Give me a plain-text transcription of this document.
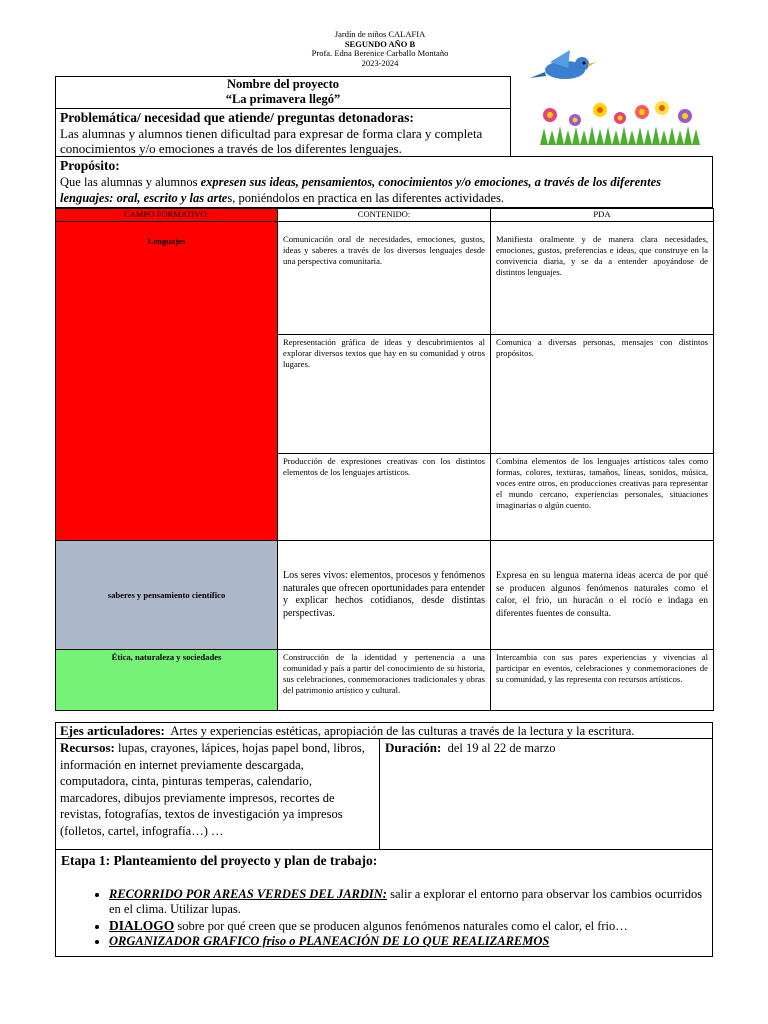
Jardín de niños CALAFIA
SEGUNDO AÑO B
Profa. Edna Berenice Carballo Montaño
2023-2024
Nombre del proyecto
“La primavera llegó”
Problemática/ necesidad que atiende/ preguntas detonadoras:
Las alumnas y alumnos tienen dificultad para expresar de forma clara y completa conocimientos y/o emociones a través de los diferentes lenguajes.
Propósito:
Que las alumnas y alumnos expresen sus ideas, pensamientos, conocimientos y/o emociones, a través de los diferentes lenguajes: oral, escrito y las artes, poniéndolos en practica en las diferentes actividades.
CAMPO FORMATIVO:	CONTENIDO:	PDA

Lenguajes	Comunicación oral de necesidades, emociones, gustos, ideas y saberes a través de los diversos lenguajes desde una perspectiva comunitaria.	Manifiesta oralmente y de manera clara necesidades, emociones, gustos, preferencias e ideas, que construye en la convivencia diaria, y se da a entender apoyándose de distintos lenguajes.
	Representación gráfica de ideas y descubrimientos al explorar diversos textos que hay en su comunidad y otros lugares.	Comunica a diversas personas, mensajes con distintos propósitos.
	Producción de expresiones creativas con los distintos elementos de los lenguajes artísticos.	Combina elementos de los lenguajes artísticos tales como formas, colores, texturas, tamaños, líneas, sonidos, música, voces entre otros, en producciones creativas para representar el mundo cercano, experiencias personales, situaciones imaginarias o algún cuento.
saberes y pensamiento científico	Los seres vivos: elementos, procesos y fenómenos naturales que ofrecen oportunidades para entender y explicar hechos cotidianos, desde distintas perspectivas.	Expresa en su lengua materna ideas acerca de por qué se producen algunos fenómenos naturales como el calor, el frio, un huracán o el rocío e indaga en diferentes fuentes de consulta.
Ética, naturaleza y sociedades	Construcción de la identidad y pertenencia a una comunidad y país a partir del conocimiento de su historia, sus celebraciones, conmemoraciones tradicionales y obras del patrimonio artístico y cultural.	Intercambia con sus pares experiencias y vivencias al participar en eventos, celebraciones y conmemoraciones de su comunidad, y las representa con recursos artísticos.
Ejes articuladores: Artes y experiencias estéticas, apropiación de las culturas a través de la lectura y la escritura.
Recursos: lupas, crayones, lápices, hojas papel bond, libros, información en internet previamente descargada, computadora, cinta, pinturas temperas, calendario, marcadores, dibujos previamente impresos, recortes de revistas, fotografías, textos de investigación ya impresos (folletos, cartel, infografía…) …
Duración: del 19 al 22 de marzo
Etapa 1: Planteamiento del proyecto y plan de trabajo:
• RECORRIDO POR AREAS VERDES DEL JARDIN: salir a explorar el entorno para observar los cambios ocurridos en el clima. Utilizar lupas.
• DIALOGO sobre por qué creen que se producen algunos fenómenos naturales como el calor, el frio…
• ORGANIZADOR GRAFICO friso o PLANEACIÓN DE LO QUE REALIZAREMOS
